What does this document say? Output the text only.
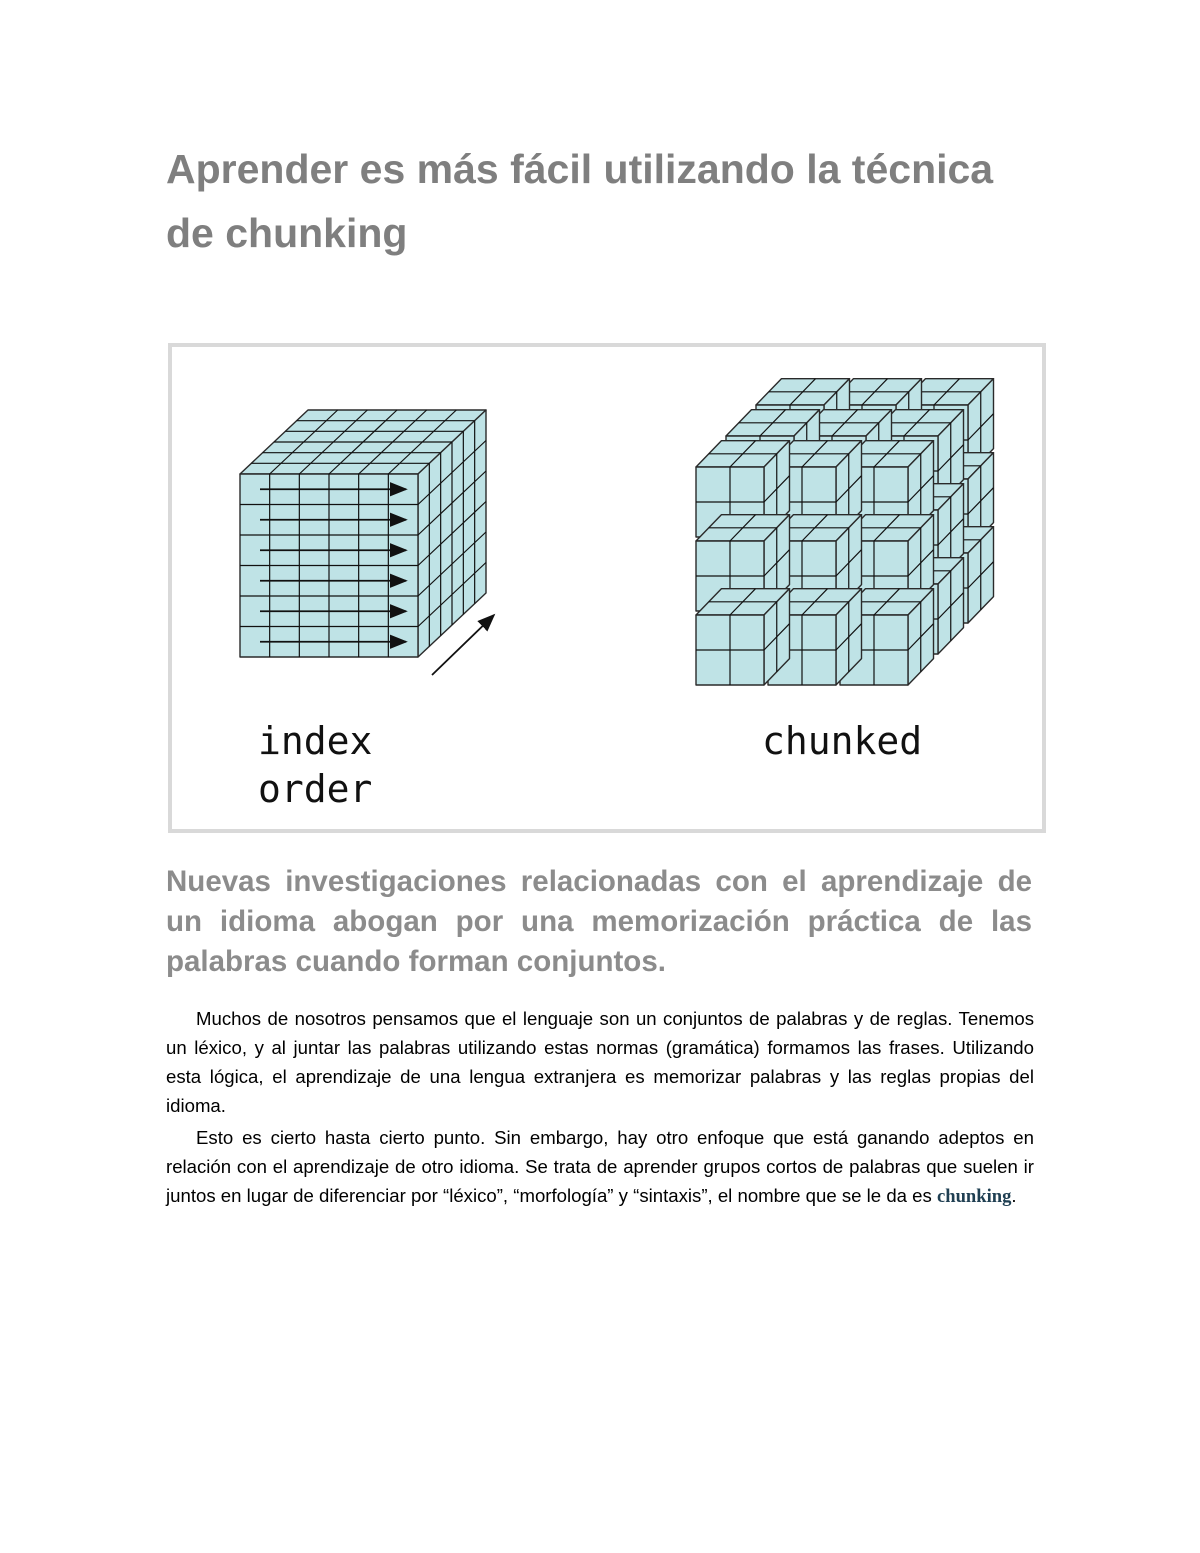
Aprender es más fácil utilizando la técnica de chunking
index
order
chunked
Nuevas investigaciones relacionadas con el aprendizaje de un idioma abogan por una memorización práctica de las palabras cuando forman conjuntos.

Muchos de nosotros pensamos que el lenguaje son un conjuntos de palabras y de reglas. Tenemos un léxico, y al juntar las palabras utilizando estas normas (gramática) formamos las frases. Utilizando esta lógica, el aprendizaje de una lengua extranjera es memorizar palabras y las reglas propias del idioma.

Esto es cierto hasta cierto punto. Sin embargo, hay otro enfoque que está ganando adeptos en relación con el aprendizaje de otro idioma. Se trata de aprender grupos cortos de palabras que suelen ir juntos en lugar de diferenciar por “léxico”, “morfología” y “sintaxis”, el nombre que se le da es chunking.
